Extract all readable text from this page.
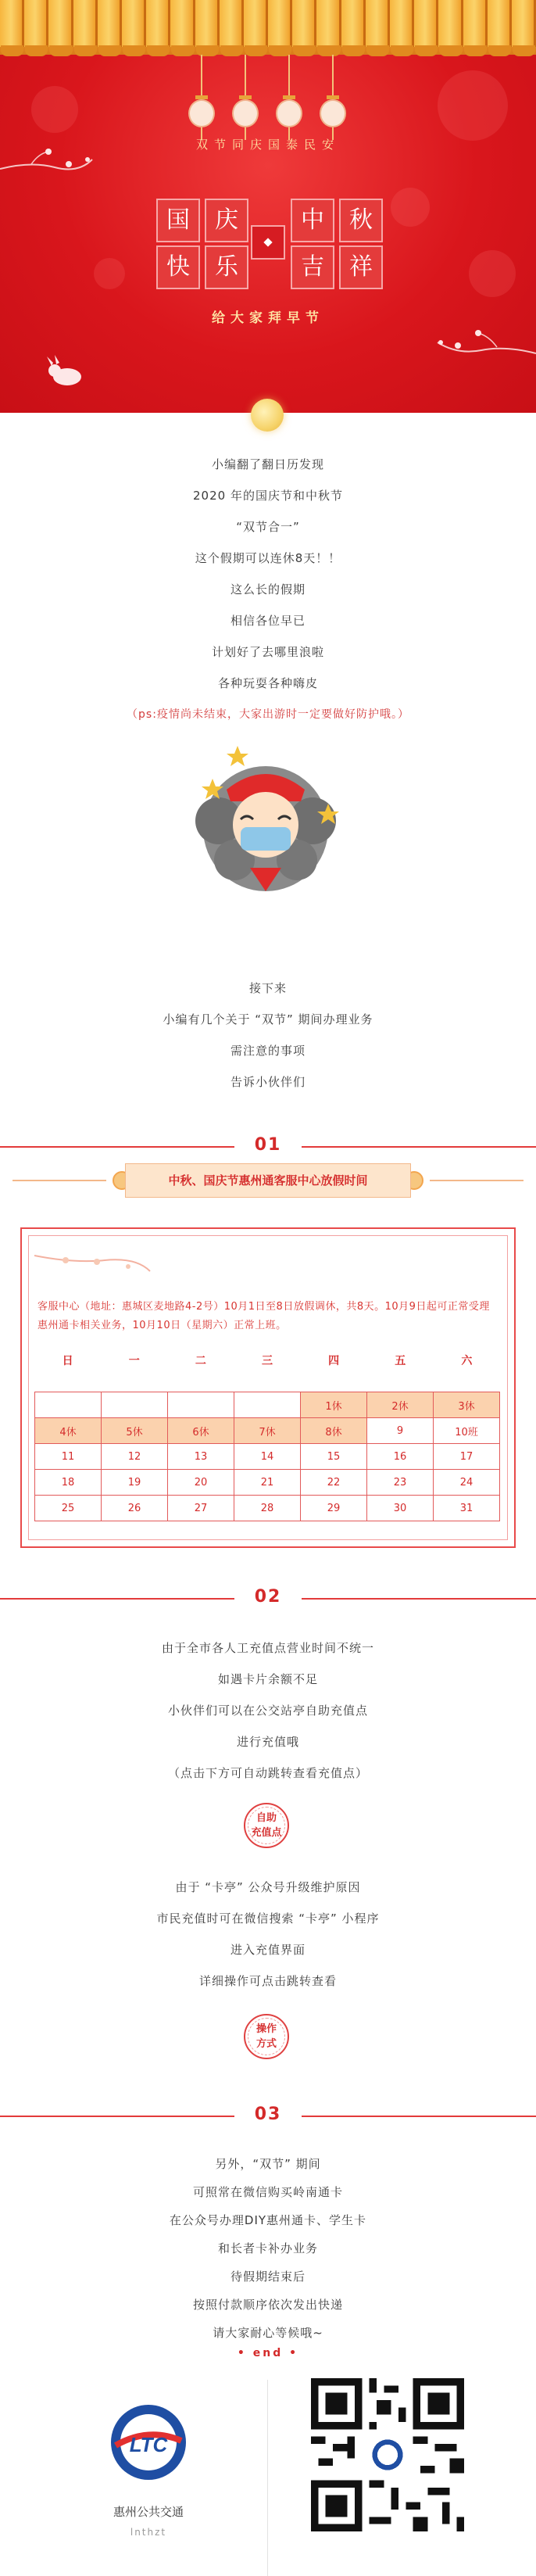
双节同庆国泰民安
国	庆
快	乐
中	秋
吉	祥
给大家拜早节

小编翻了翻日历发现

2020 年的国庆节和中秋节

“双节合一”

这个假期可以连休8天！！

这么长的假期

相信各位早已

计划好了去哪里浪啦

各种玩耍各种嗨皮

（ps:疫情尚未结束，大家出游时一定要做好防护哦。）

接下来

小编有几个关于 “双节” 期间办理业务

需注意的事项

告诉小伙伴们

01
中秋、国庆节惠州通客服中心放假时间
客服中心（地址：惠城区麦地路4-2号）10月1日至8日放假调休，共8天。10月9日起可正常受理惠州通卡相关业务，10月10日（星期六）正常上班。
日	一	二	三	四	五	六
				1休	2休	3休
4休	5休	6休	7休	8休	9	10班
11	12	13	14	15	16	17
18	19	20	21	22	23	24
25	26	27	28	29	30	31
02

由于全市各人工充值点营业时间不统一

如遇卡片余额不足

小伙伴们可以在公交站亭自助充值点

进行充值哦

（点击下方可自动跳转查看充值点）

自助
充值点

由于 “卡亭” 公众号升级维护原因

市民充值时可在微信搜索 “卡亭” 小程序

进入充值界面

详细操作可点击跳转查看

操作
方式
03

另外，“双节” 期间

可照常在微信购买岭南通卡

在公众号办理DIY惠州通卡、学生卡

和长者卡补办业务

待假期结束后

按照付款顺序依次发出快递

请大家耐心等候哦~

• end •
LTC
惠州公共交通
lnthzt
